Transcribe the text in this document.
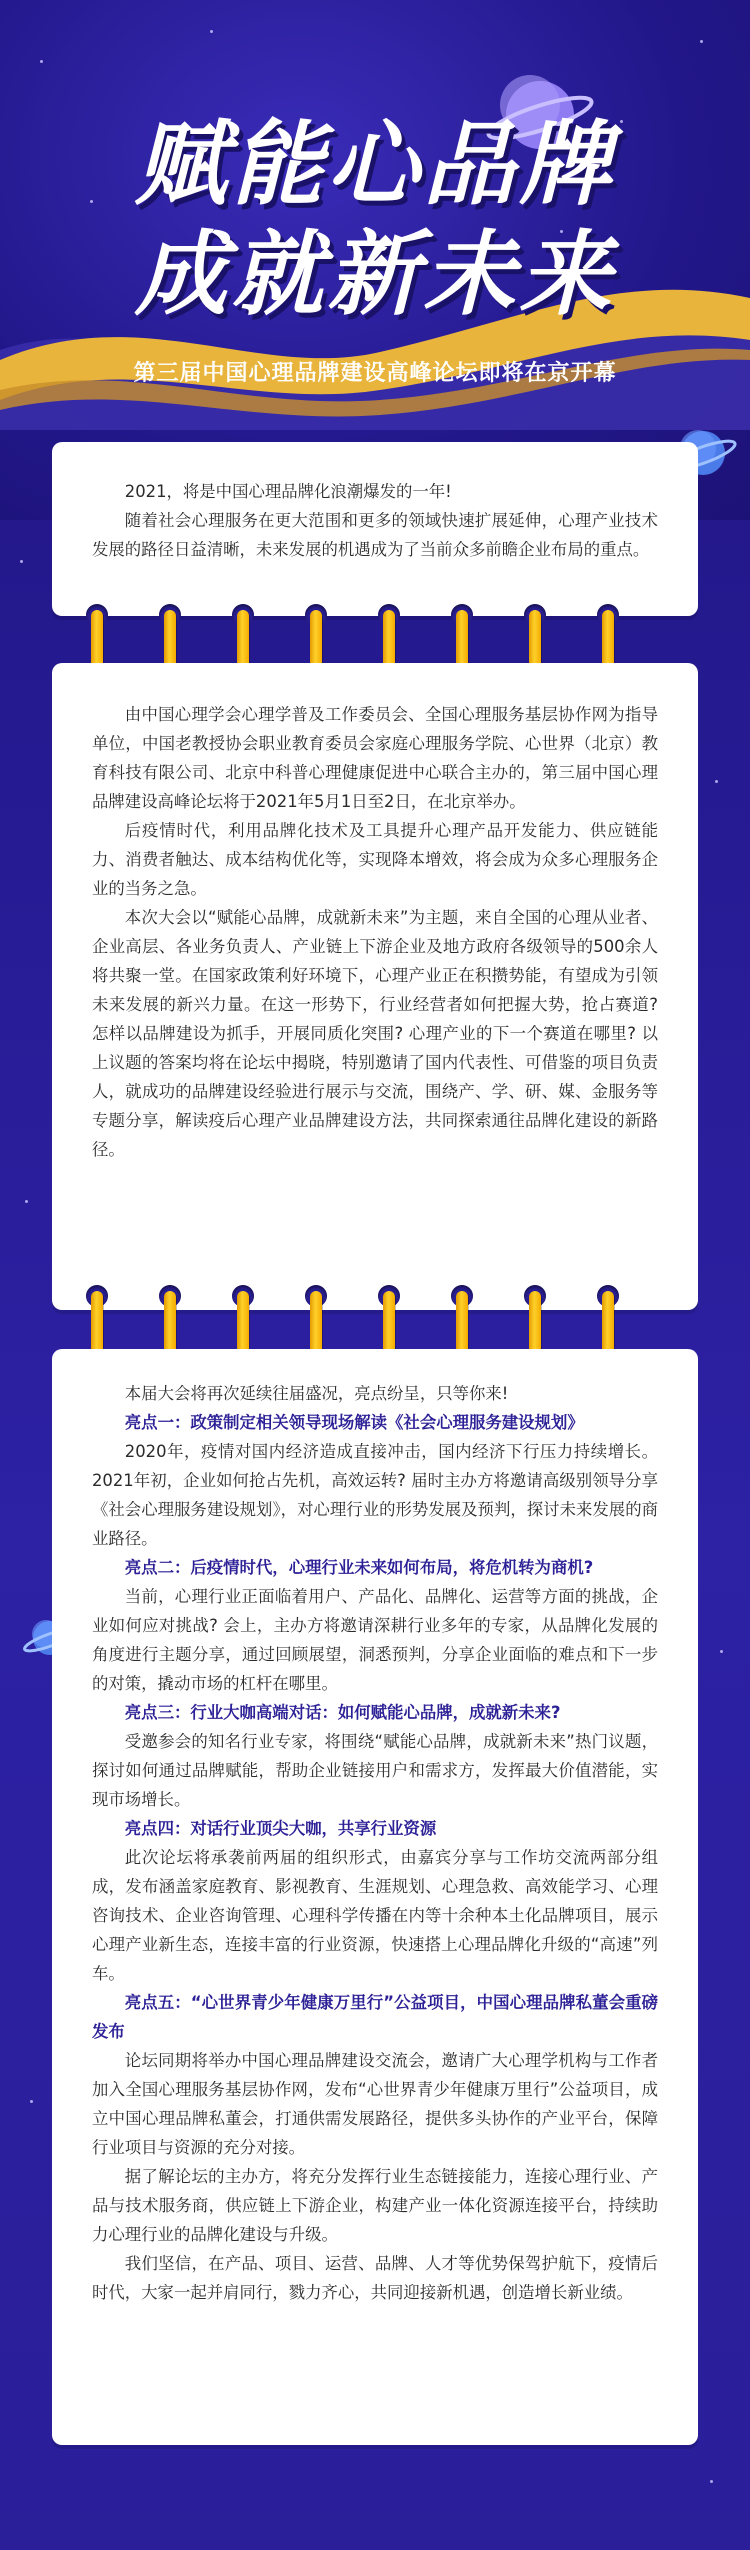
赋能心品牌
成就新未来
第三届中国心理品牌建设高峰论坛即将在京开幕

2021，将是中国心理品牌化浪潮爆发的一年!

随着社会心理服务在更大范围和更多的领域快速扩展延伸，心理产业技术发展的路径日益清晰，未来发展的机遇成为了当前众多前瞻企业布局的重点。

由中国心理学会心理学普及工作委员会、全国心理服务基层协作网为指导单位，中国老教授协会职业教育委员会家庭心理服务学院、心世界（北京）教育科技有限公司、北京中科普心理健康促进中心联合主办的，第三届中国心理品牌建设高峰论坛将于2021年5月1日至2日，在北京举办。

后疫情时代，利用品牌化技术及工具提升心理产品开发能力、供应链能力、消费者触达、成本结构优化等，实现降本增效，将会成为众多心理服务企业的当务之急。

本次大会以“赋能心品牌，成就新未来”为主题，来自全国的心理从业者、企业高层、各业务负责人、产业链上下游企业及地方政府各级领导的500余人将共聚一堂。在国家政策利好环境下，心理产业正在积攒势能，有望成为引领未来发展的新兴力量。在这一形势下，行业经营者如何把握大势，抢占赛道? 怎样以品牌建设为抓手，开展同质化突围? 心理产业的下一个赛道在哪里? 以上议题的答案均将在论坛中揭晓，特别邀请了国内代表性、可借鉴的项目负责人，就成功的品牌建设经验进行展示与交流，围绕产、学、研、媒、金服务等专题分享，解读疫后心理产业品牌建设方法，共同探索通往品牌化建设的新路径。

本届大会将再次延续往届盛况，亮点纷呈，只等你来!

亮点一：政策制定相关领导现场解读《社会心理服务建设规划》

2020年，疫情对国内经济造成直接冲击，国内经济下行压力持续增长。2021年初，企业如何抢占先机，高效运转? 届时主办方将邀请高级别领导分享《社会心理服务建设规划》，对心理行业的形势发展及预判，探讨未来发展的商业路径。

亮点二：后疫情时代，心理行业未来如何布局，将危机转为商机?

当前，心理行业正面临着用户、产品化、品牌化、运营等方面的挑战，企业如何应对挑战? 会上，主办方将邀请深耕行业多年的专家，从品牌化发展的角度进行主题分享，通过回顾展望，洞悉预判，分享企业面临的难点和下一步的对策，撬动市场的杠杆在哪里。

亮点三：行业大咖高端对话：如何赋能心品牌，成就新未来?

受邀参会的知名行业专家，将围绕“赋能心品牌，成就新未来”热门议题，探讨如何通过品牌赋能，帮助企业链接用户和需求方，发挥最大价值潜能，实现市场增长。

亮点四：对话行业顶尖大咖，共享行业资源

此次论坛将承袭前两届的组织形式，由嘉宾分享与工作坊交流两部分组成，发布涵盖家庭教育、影视教育、生涯规划、心理急救、高效能学习、心理咨询技术、企业咨询管理、心理科学传播在内等十余种本土化品牌项目，展示心理产业新生态，连接丰富的行业资源，快速搭上心理品牌化升级的“高速”列车。

亮点五：“心世界青少年健康万里行”公益项目，中国心理品牌私董会重磅发布

论坛同期将举办中国心理品牌建设交流会，邀请广大心理学机构与工作者加入全国心理服务基层协作网，发布“心世界青少年健康万里行”公益项目，成立中国心理品牌私董会，打通供需发展路径，提供多头协作的产业平台，保障行业项目与资源的充分对接。

据了解论坛的主办方，将充分发挥行业生态链接能力，连接心理行业、产品与技术服务商，供应链上下游企业，构建产业一体化资源连接平台，持续助力心理行业的品牌化建设与升级。

我们坚信，在产品、项目、运营、品牌、人才等优势保驾护航下，疫情后时代，大家一起并肩同行，戮力齐心，共同迎接新机遇，创造增长新业绩。
